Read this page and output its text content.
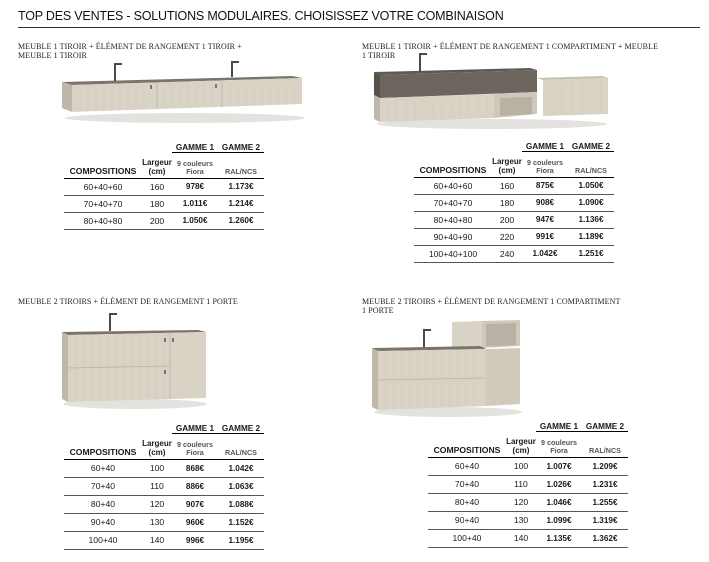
TOP DES VENTES - SOLUTIONS MODULAIRES. CHOISISSEZ VOTRE COMBINAISON
MEUBLE 1 TIROIR + ÉLÉMENT DE RANGEMENT 1 TIROIR +
MEUBLE 1 TIROIR
		GAMME 1	GAMME 2
COMPOSITIONS	Largeur
(cm)	9 couleurs
Fiora	RAL/NCS
60+40+60	160	978€	1.173€
70+40+70	180	1.011€	1.214€
80+40+80	200	1.050€	1.260€
MEUBLE 1 TIROIR + ÉLÉMENT DE RANGEMENT 1 COMPARTIMENT + MEUBLE
1 TIROIR
		GAMME 1	GAMME 2
COMPOSITIONS	Largeur
(cm)	9 couleurs
Fiora	RAL/NCS
60+40+60	160	875€	1.050€
70+40+70	180	908€	1.090€
80+40+80	200	947€	1.136€
90+40+90	220	991€	1.189€
100+40+100	240	1.042€	1.251€
MEUBLE 2 TIROIRS + ÉLÉMENT DE RANGEMENT 1 PORTE
		GAMME 1	GAMME 2
COMPOSITIONS	Largeur
(cm)	9 couleurs
Fiora	RAL/NCS
60+40	100	868€	1.042€
70+40	110	886€	1.063€
80+40	120	907€	1.088€
90+40	130	960€	1.152€
100+40	140	996€	1.195€
MEUBLE 2 TIROIRS + ÉLÉMENT DE RANGEMENT 1 COMPARTIMENT
1 PORTE
		GAMME 1	GAMME 2
COMPOSITIONS	Largeur
(cm)	9 couleurs
Fiora	RAL/NCS
60+40	100	1.007€	1.209€
70+40	110	1.026€	1.231€
80+40	120	1.046€	1.255€
90+40	130	1.099€	1.319€
100+40	140	1.135€	1.362€
